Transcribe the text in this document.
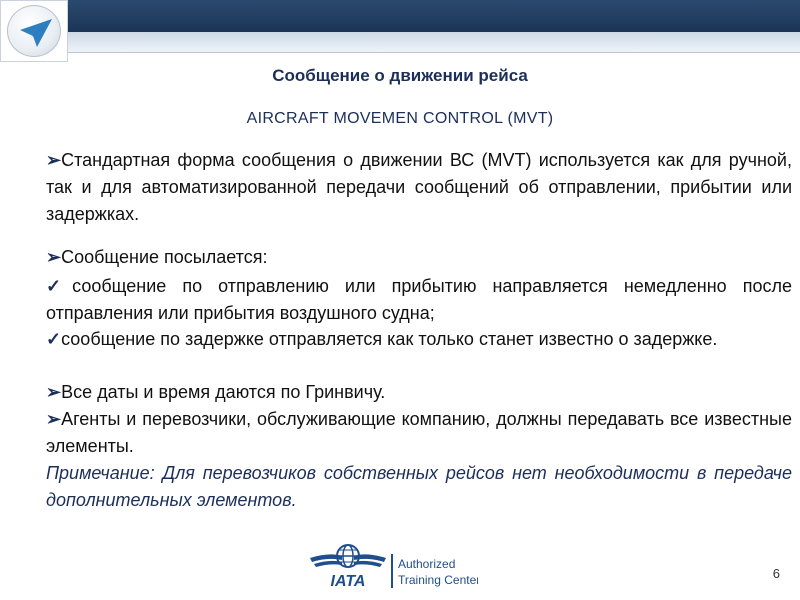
Сообщение о движении рейса
AIRCRAFT MOVEMEN CONTROL (MVT)
➢Стандартная форма сообщения о движении ВС (MVT) используется как для ручной, так и для автоматизированной передачи сообщений об отправлении, прибытии или задержках.
➢Сообщение посылается:
✓сообщение по отправлению или прибытию направляется немедленно после отправления или прибытия воздушного судна;
✓сообщение по задержке отправляется как только станет известно о задержке.
➢Все даты и время даются по Гринвичу.
➢Агенты и перевозчики, обслуживающие компанию, должны передавать все известные элементы.
Примечание: Для перевозчиков собственных рейсов нет необходимости в передаче дополнительных элементов.
IATA
Authorized
Training Center	6
